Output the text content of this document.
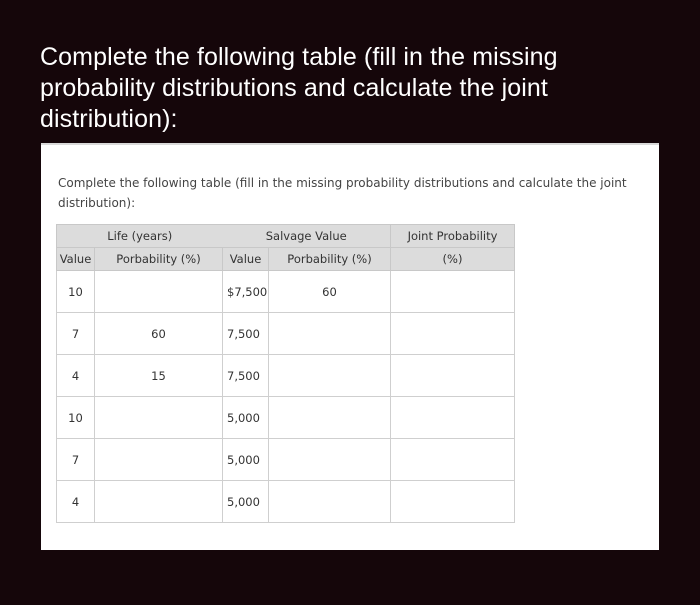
Complete the following table (fill in the missing probability distributions and calculate the joint distribution):
Complete the following table (fill in the missing probability distributions and calculate the joint distribution):
Life (years)		Salvage Value		Joint Probability
Value	Porbability (%)	Value	Porbability (%)	(%)
10		$7,500	60	
7	60	7,500		
4	15	7,500		
10		5,000		
7		5,000		
4		5,000		
